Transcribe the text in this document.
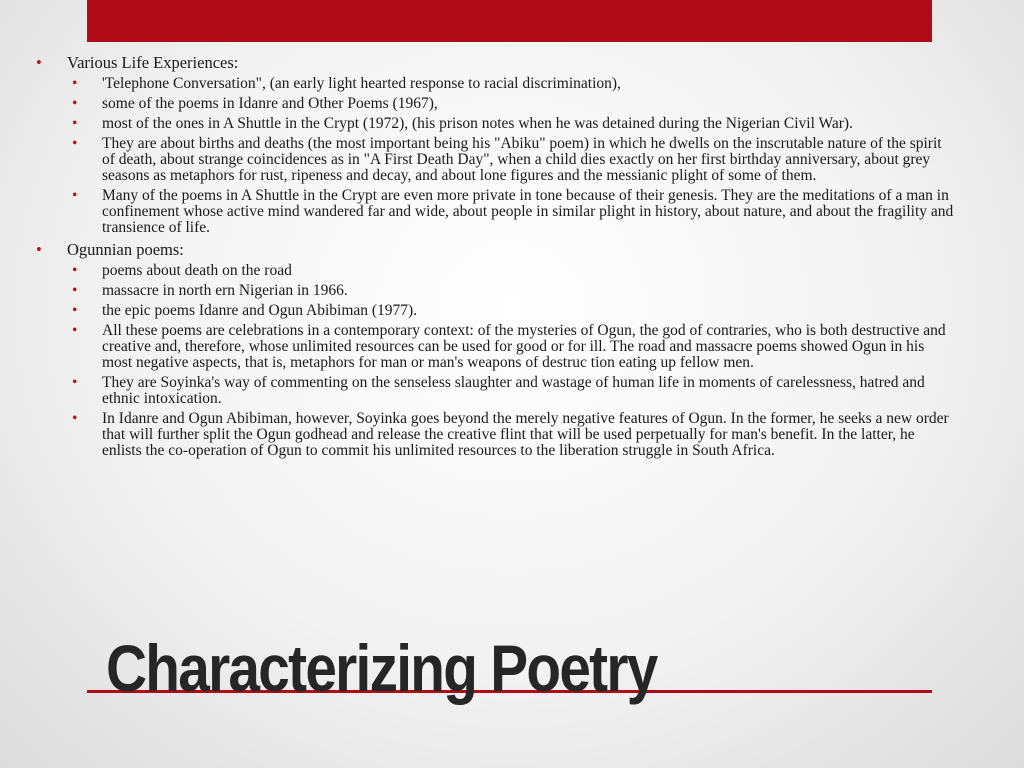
•	Various Life Experiences:
•	'Telephone Conversation", (an early light hearted response to racial discrimination),
•	some of the poems in Idanre and Other Poems (1967),
•	most of the ones in A Shuttle in the Crypt (1972), (his prison notes when he was detained during the Nigerian Civil War).
•	They are about births and deaths (the most important being his "Abiku" poem) in which he dwells on the inscrutable nature of the spirit of death, about strange coincidences as in "A First Death Day", when a child dies exactly on her first birthday anniversary, about grey seasons as metaphors for rust, ripeness and decay, and about lone figures and the messianic plight of some of them.
•	Many of the poems in A Shuttle in the Crypt are even more private in tone because of their genesis. They are the meditations of a man in confinement whose active mind wandered far and wide, about people in similar plight in history, about nature, and about the fragility and transience of life.
•	Ogunnian poems:
•	poems about death on the road
•	massacre in north ern Nigerian in 1966.
•	the epic poems Idanre and Ogun Abibiman (1977).
•	All these poems are celebrations in a contemporary context: of the mysteries of Ogun, the god of contraries, who is both destructive and creative and, therefore, whose unlimited resources can be used for good or for ill. The road and massacre poems showed Ogun in his most negative aspects, that is, metaphors for man or man's weapons of destruc tion eating up fellow men.
•	They are Soyinka's way of commenting on the senseless slaughter and wastage of human life in moments of carelessness, hatred and ethnic intoxication.
•	In Idanre and Ogun Abibiman, however, Soyinka goes beyond the merely negative features of Ogun. In the former, he seeks a new order that will further split the Ogun godhead and release the creative flint that will be used perpetually for man's benefit. In the latter, he enlists the co-operation of Ogun to commit his unlimited resources to the liberation struggle in South Africa.
Characterizing Poetry
